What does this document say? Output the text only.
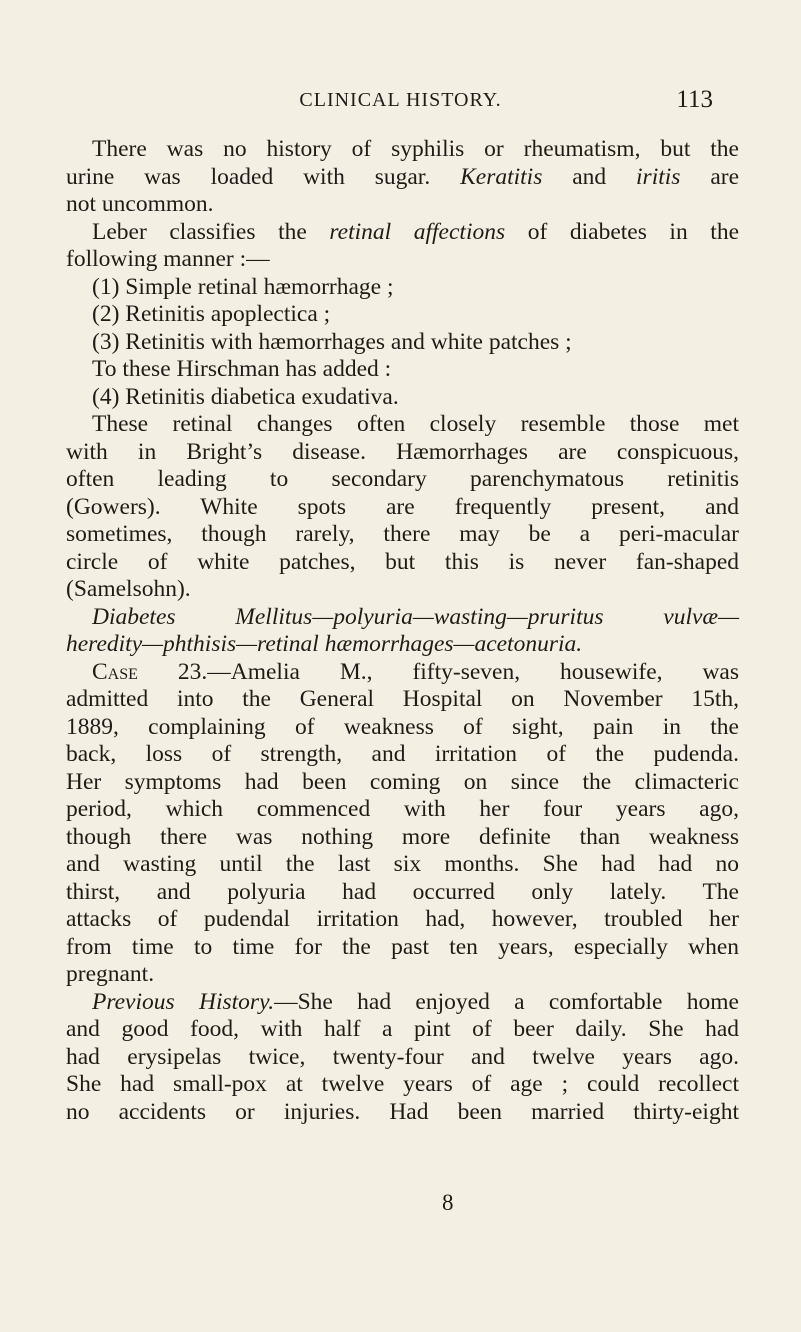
CLINICAL HISTORY.	113
There was no history of syphilis or rheumatism, but the
urine was loaded with sugar. Keratitis and iritis are
not uncommon.
Leber classifies the retinal affections of diabetes in the
following manner :—
(1) Simple retinal hæmorrhage ;
(2) Retinitis apoplectica ;
(3) Retinitis with hæmorrhages and white patches ;
To these Hirschman has added :
(4) Retinitis diabetica exudativa.
These retinal changes often closely resemble those met
with in Bright’s disease. Hæmorrhages are conspicuous,
often leading to secondary parenchymatous retinitis
(Gowers). White spots are frequently present, and
sometimes, though rarely, there may be a peri-macular
circle of white patches, but this is never fan-shaped
(Samelsohn).
Diabetes Mellitus—polyuria—wasting—pruritus vulvæ—
heredity—phthisis—retinal hæmorrhages—acetonuria.
Case 23.—Amelia M., fifty-seven, housewife, was
admitted into the General Hospital on November 15th,
1889, complaining of weakness of sight, pain in the
back, loss of strength, and irritation of the pudenda.
Her symptoms had been coming on since the climacteric
period, which commenced with her four years ago,
though there was nothing more definite than weakness
and wasting until the last six months. She had had no
thirst, and polyuria had occurred only lately. The
attacks of pudendal irritation had, however, troubled her
from time to time for the past ten years, especially when
pregnant.
Previous History.—She had enjoyed a comfortable home
and good food, with half a pint of beer daily. She had
had erysipelas twice, twenty-four and twelve years ago.
She had small-pox at twelve years of age ; could recollect
no accidents or injuries. Had been married thirty-eight
8
